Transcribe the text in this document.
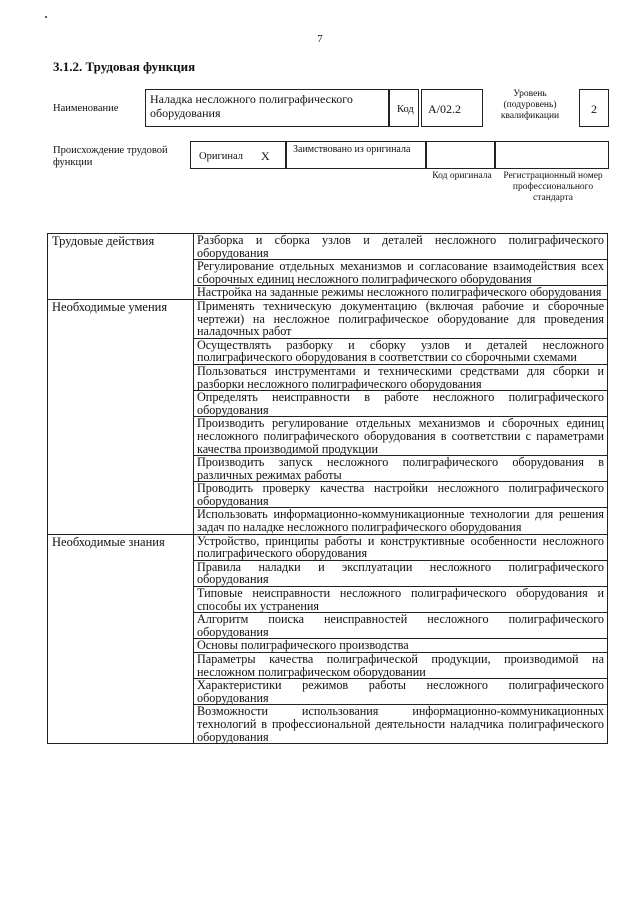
7
3.1.2. Трудовая функция
Наименование
Наладка несложного полиграфического оборудования	Код	А/02.2
Уровень (подуровень) квалификации	2
Происхождение трудовой функции
Оригинал X	Заимствовано из оригинала
Код оригинала	Регистрационный номер профессионального стандарта
Трудовые действия	Разборка и сборка узлов и деталей несложного полиграфического оборудования
	Регулирование отдельных механизмов и согласование взаимодействия всех сборочных единиц несложного полиграфического оборудования
	Настройка на заданные режимы несложного полиграфического оборудования
Необходимые умения	Применять техническую документацию (включая рабочие и сборочные чертежи) на несложное полиграфическое оборудование для проведения наладочных работ
	Осуществлять разборку и сборку узлов и деталей несложного полиграфического оборудования в соответствии со сборочными схемами
	Пользоваться инструментами и техническими средствами для сборки и разборки несложного полиграфического оборудования
	Определять неисправности в работе несложного полиграфического оборудования
	Производить регулирование отдельных механизмов и сборочных единиц несложного полиграфического оборудования в соответствии с параметрами качества производимой продукции
	Производить запуск несложного полиграфического оборудования в различных режимах работы
	Проводить проверку качества настройки несложного полиграфического оборудования
	Использовать информационно-коммуникационные технологии для решения задач по наладке несложного полиграфического оборудования
Необходимые знания	Устройство, принципы работы и конструктивные особенности несложного полиграфического оборудования
	Правила наладки и эксплуатации несложного полиграфического оборудования
	Типовые неисправности несложного полиграфического оборудования и способы их устранения
	Алгоритм поиска неисправностей несложного полиграфического оборудования
	Основы полиграфического производства
	Параметры качества полиграфической продукции, производимой на несложном полиграфическом оборудовании
	Характеристики режимов работы несложного полиграфического оборудования
	Возможности использования информационно-коммуникационных технологий в профессиональной деятельности наладчика полиграфического оборудования
